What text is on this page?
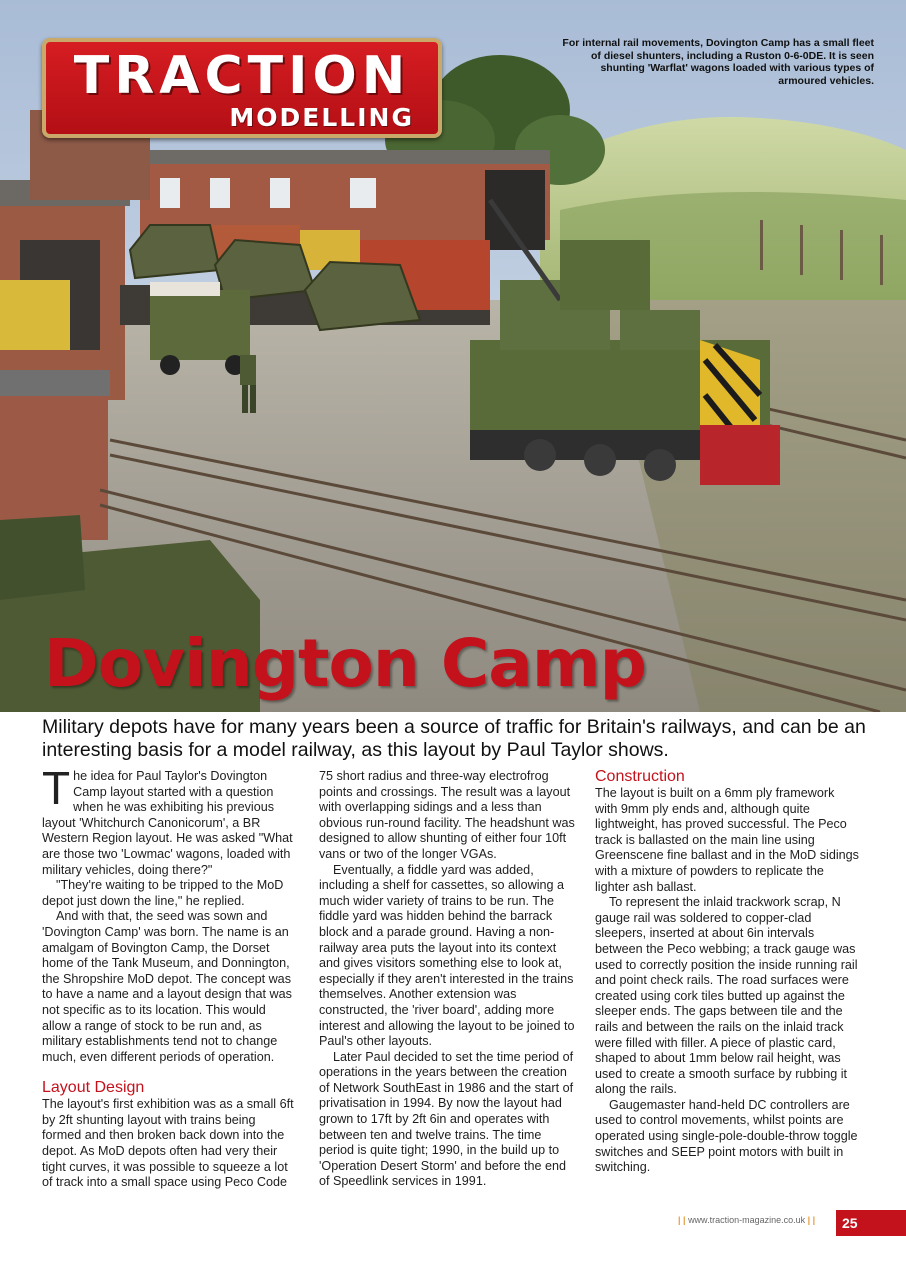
TRACTION
MODELLING
For internal rail movements, Dovington Camp has a small fleet of diesel shunters, including a Ruston 0-6-0DE. It is seen shunting 'Warflat' wagons loaded with various types of armoured vehicles.
Dovington Camp
Military depots have for many years been a source of traffic for Britain's railways, and can be an interesting basis for a model railway, as this layout by Paul Taylor shows.

The idea for Paul Taylor's Dovington Camp layout started with a question when he was exhibiting his previous layout 'Whitchurch Canonicorum', a BR Western Region layout. He was asked "What are those two 'Lowmac' wagons, loaded with military vehicles, doing there?"

"They're waiting to be tripped to the MoD depot just down the line," he replied.

And with that, the seed was sown and 'Dovington Camp' was born. The name is an amalgam of Bovington Camp, the Dorset home of the Tank Museum, and Donnington, the Shropshire MoD depot. The concept was to have a name and a layout design that was not specific as to its location. This would allow a range of stock to be run and, as military establishments tend not to change much, even different periods of operation.

Layout Design

The layout's first exhibition was as a small 6ft by 2ft shunting layout with trains being formed and then broken back down into the depot. As MoD depots often had very their tight curves, it was possible to squeeze a lot of track into a small space using Peco Code

75 short radius and three-way electrofrog points and crossings. The result was a layout with overlapping sidings and a less than obvious run-round facility. The headshunt was designed to allow shunting of either four 10ft vans or two of the longer VGAs.

Eventually, a fiddle yard was added, including a shelf for cassettes, so allowing a much wider variety of trains to be run. The fiddle yard was hidden behind the barrack block and a parade ground. Having a non-railway area puts the layout into its context and gives visitors something else to look at, especially if they aren't interested in the trains themselves. Another extension was constructed, the 'river board', adding more interest and allowing the layout to be joined to Paul's other layouts.

Later Paul decided to set the time period of operations in the years between the creation of Network SouthEast in 1986 and the start of privatisation in 1994. By now the layout had grown to 17ft by 2ft 6in and operates with between ten and twelve trains. The time period is quite tight; 1990, in the build up to 'Operation Desert Storm' and before the end of Speedlink services in 1991.

Construction

The layout is built on a 6mm ply framework with 9mm ply ends and, although quite lightweight, has proved successful. The Peco track is ballasted on the main line using Greenscene fine ballast and in the MoD sidings with a mixture of powders to replicate the lighter ash ballast.

To represent the inlaid trackwork scrap, N gauge rail was soldered to copper-clad sleepers, inserted at about 6in intervals between the Peco webbing; a track gauge was used to correctly position the inside running rail and point check rails. The road surfaces were created using cork tiles butted up against the sleeper ends. The gaps between tile and the rails and between the rails on the inlaid track were filled with filler. A piece of plastic card, shaped to about 1mm below rail height, was used to create a smooth surface by rubbing it along the rails.

Gaugemaster hand-held DC controllers are used to control movements, whilst points are operated using single-pole-double-throw toggle switches and SEEP point motors with built in switching.

| | www.traction-magazine.co.uk | |	25
